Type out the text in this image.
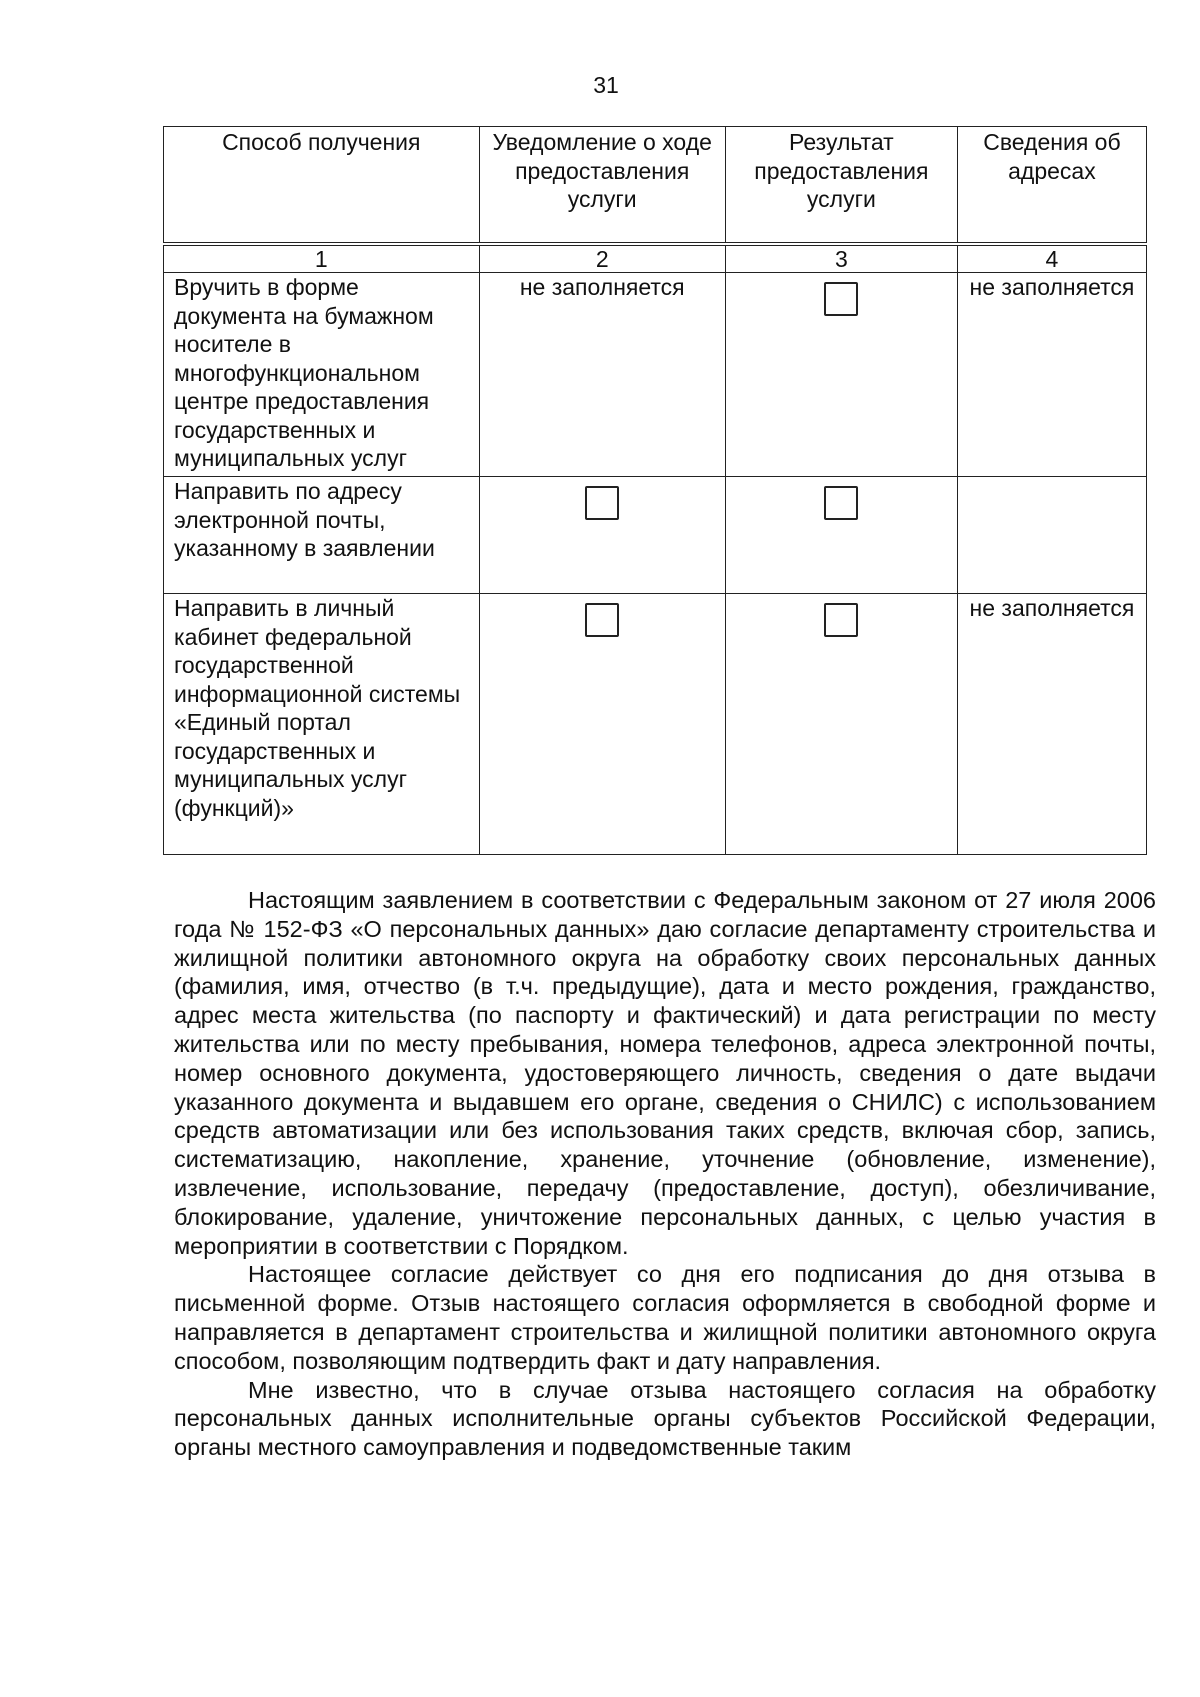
31
Способ получения	Уведомление о ходе предоставления услуги	Результат предоставления услуги	Сведения об адресах

1	2	3	4
Вручить в форме документа на бумажном носителе в многофункциональном центре предоставления государственных и муниципальных услуг	не заполняется		не заполняется
Направить по адресу электронной почты, указанному в заявлении	

Направить в личный кабинет федеральной государственной информационной системы «Единый портал государственных и муниципальных услуг (функций)»			не заполняется

Настоящим заявлением в соответствии с Федеральным законом от 27 июля 2006 года № 152-ФЗ «О персональных данных» даю согласие департаменту строительства и жилищной политики автономного округа на обработку своих персональных данных (фамилия, имя, отчество (в т.ч. предыдущие), дата и место рождения, гражданство, адрес места жительства (по паспорту и фактический) и дата регистрации по месту жительства или по месту пребывания, номера телефонов, адреса электронной почты, номер основного документа, удостоверяющего личность, сведения о дате выдачи указанного документа и выдавшем его органе, сведения о СНИЛС) с использованием средств автоматизации или без использования таких средств, включая сбор, запись, систематизацию, накопление, хранение, уточнение (обновление, изменение), извлечение, использование, передачу (предоставление, доступ), обезличивание, блокирование, удаление, уничтожение персональных данных, с целью участия в мероприятии в соответствии с Порядком.

Настоящее согласие действует со дня его подписания до дня отзыва в письменной форме. Отзыв настоящего согласия оформляется в свободной форме и направляется в департамент строительства и жилищной политики автономного округа способом, позволяющим подтвердить факт и дату направления.

Мне известно, что в случае отзыва настоящего согласия на обработку персональных данных исполнительные органы субъектов Российской Федерации, органы местного самоуправления и подведомственные таким
